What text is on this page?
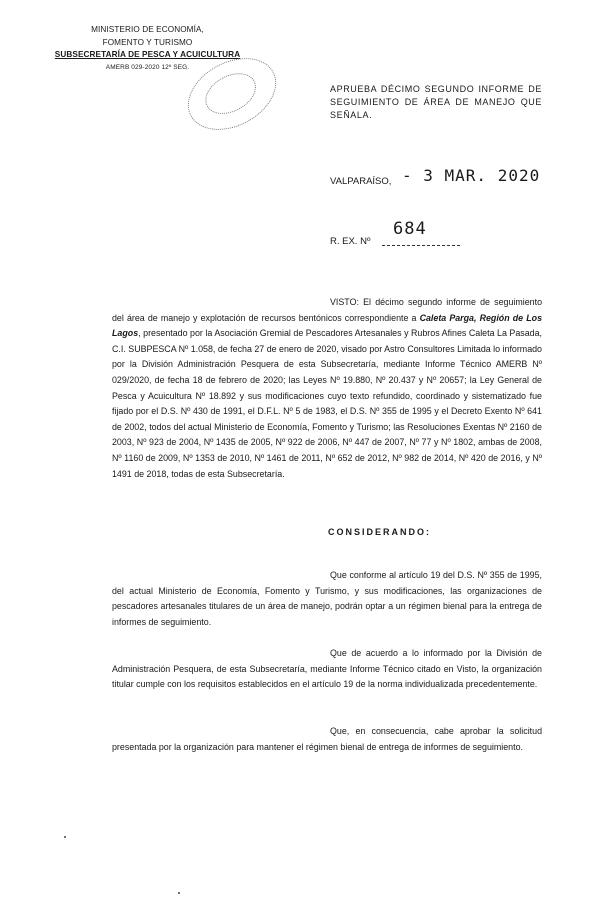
MINISTERIO DE ECONOMÍA,
FOMENTO Y TURISMO
SUBSECRETARÍA DE PESCA Y ACUICULTURA
AMERB 029-2020 12º SEG.
APRUEBA DÉCIMO SEGUNDO INFORME DE SEGUIMIENTO DE ÁREA DE MANEJO QUE SEÑALA.
VALPARAÍSO, - 3 MAR. 2020
R. EX. Nº
684
VISTO: El décimo segundo informe de seguimiento del área de manejo y explotación de recursos bentónicos correspondiente a Caleta Parga, Región de Los Lagos, presentado por la Asociación Gremial de Pescadores Artesanales y Rubros Afines Caleta La Pasada, C.I. SUBPESCA Nº 1.058, de fecha 27 de enero de 2020, visado por Astro Consultores Limitada lo informado por la División Administración Pesquera de esta Subsecretaría, mediante Informe Técnico AMERB Nº 029/2020, de fecha 18 de febrero de 2020; las Leyes Nº 19.880, Nº 20.437 y Nº 20657; la Ley General de Pesca y Acuicultura Nº 18.892 y sus modificaciones cuyo texto refundido, coordinado y sistematizado fue fijado por el D.S. Nº 430 de 1991, el D.F.L. Nº 5 de 1983, el D.S. Nº 355 de 1995 y el Decreto Exento Nº 641 de 2002, todos del actual Ministerio de Economía, Fomento y Turismo; las Resoluciones Exentas Nº 2160 de 2003, Nº 923 de 2004, Nº 1435 de 2005, Nº 922 de 2006, Nº 447 de 2007, Nº 77 y Nº 1802, ambas de 2008, Nº 1160 de 2009, Nº 1353 de 2010, Nº 1461 de 2011, Nº 652 de 2012, Nº 982 de 2014, Nº 420 de 2016, y Nº 1491 de 2018, todas de esta Subsecretaría.
CONSIDERANDO:
Que conforme al artículo 19 del D.S. Nº 355 de 1995, del actual Ministerio de Economía, Fomento y Turismo, y sus modificaciones, las organizaciones de pescadores artesanales titulares de un área de manejo, podrán optar a un régimen bienal para la entrega de informes de seguimiento.
Que de acuerdo a lo informado por la División de Administración Pesquera, de esta Subsecretaría, mediante Informe Técnico citado en Visto, la organización titular cumple con los requisitos establecidos en el artículo 19 de la norma individualizada precedentemente.
Que, en consecuencia, cabe aprobar la solicitud presentada por la organización para mantener el régimen bienal de entrega de informes de seguimiento.
